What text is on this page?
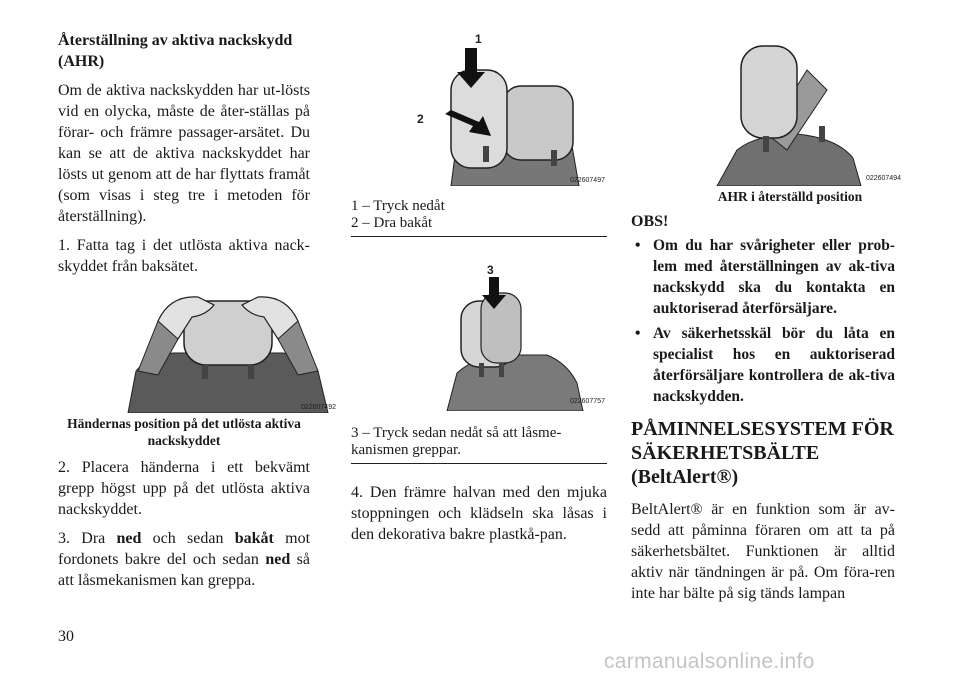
Återställning av aktiva nackskydd (AHR)

Om de aktiva nackskydden har ut-lösts vid en olycka, måste de åter-ställas på förar- och främre passager-arsätet. Du kan se att de aktiva nackskyddet har lösts ut genom att de har flyttats framåt (som visas i steg tre i metoden för återställning).

1. Fatta tag i det utlösta aktiva nack-skyddet från baksätet.

022607492
Händernas position på det utlösta aktiva nackskyddet

2. Placera händerna i ett bekvämt grepp högst upp på det utlösta aktiva nackskyddet.

3. Dra ned och sedan bakåt mot fordonets bakre del och sedan ned så att låsmekanismen kan greppa.

1
2
022607497
1 – Tryck nedåt
2 – Dra bakåt
3
022607757
3 – Tryck sedan nedåt så att låsme-kanismen greppar.

4. Den främre halvan med den mjuka stoppningen och klädseln ska låsas i den dekorativa bakre plastkå-pan.

022607494
AHR i återställd position
OBS!
• Om du har svårigheter eller prob-lem med återställningen av ak-tiva nackskydd ska du kontakta en auktoriserad återförsäljare.
• Av säkerhetsskäl bör du låta en specialist hos en auktoriserad återförsäljare kontrollera de ak-tiva nackskydden.
PÅMINNELSESYSTEM FÖR
SÄKERHETSBÄLTE
(BeltAlert®)

BeltAlert® är en funktion som är av-sedd att påminna föraren om att ta på säkerhetsbältet. Funktionen är alltid aktiv när tändningen är på. Om föra-ren inte har bälte på sig tänds lampan

30
carmanualsonline.info
